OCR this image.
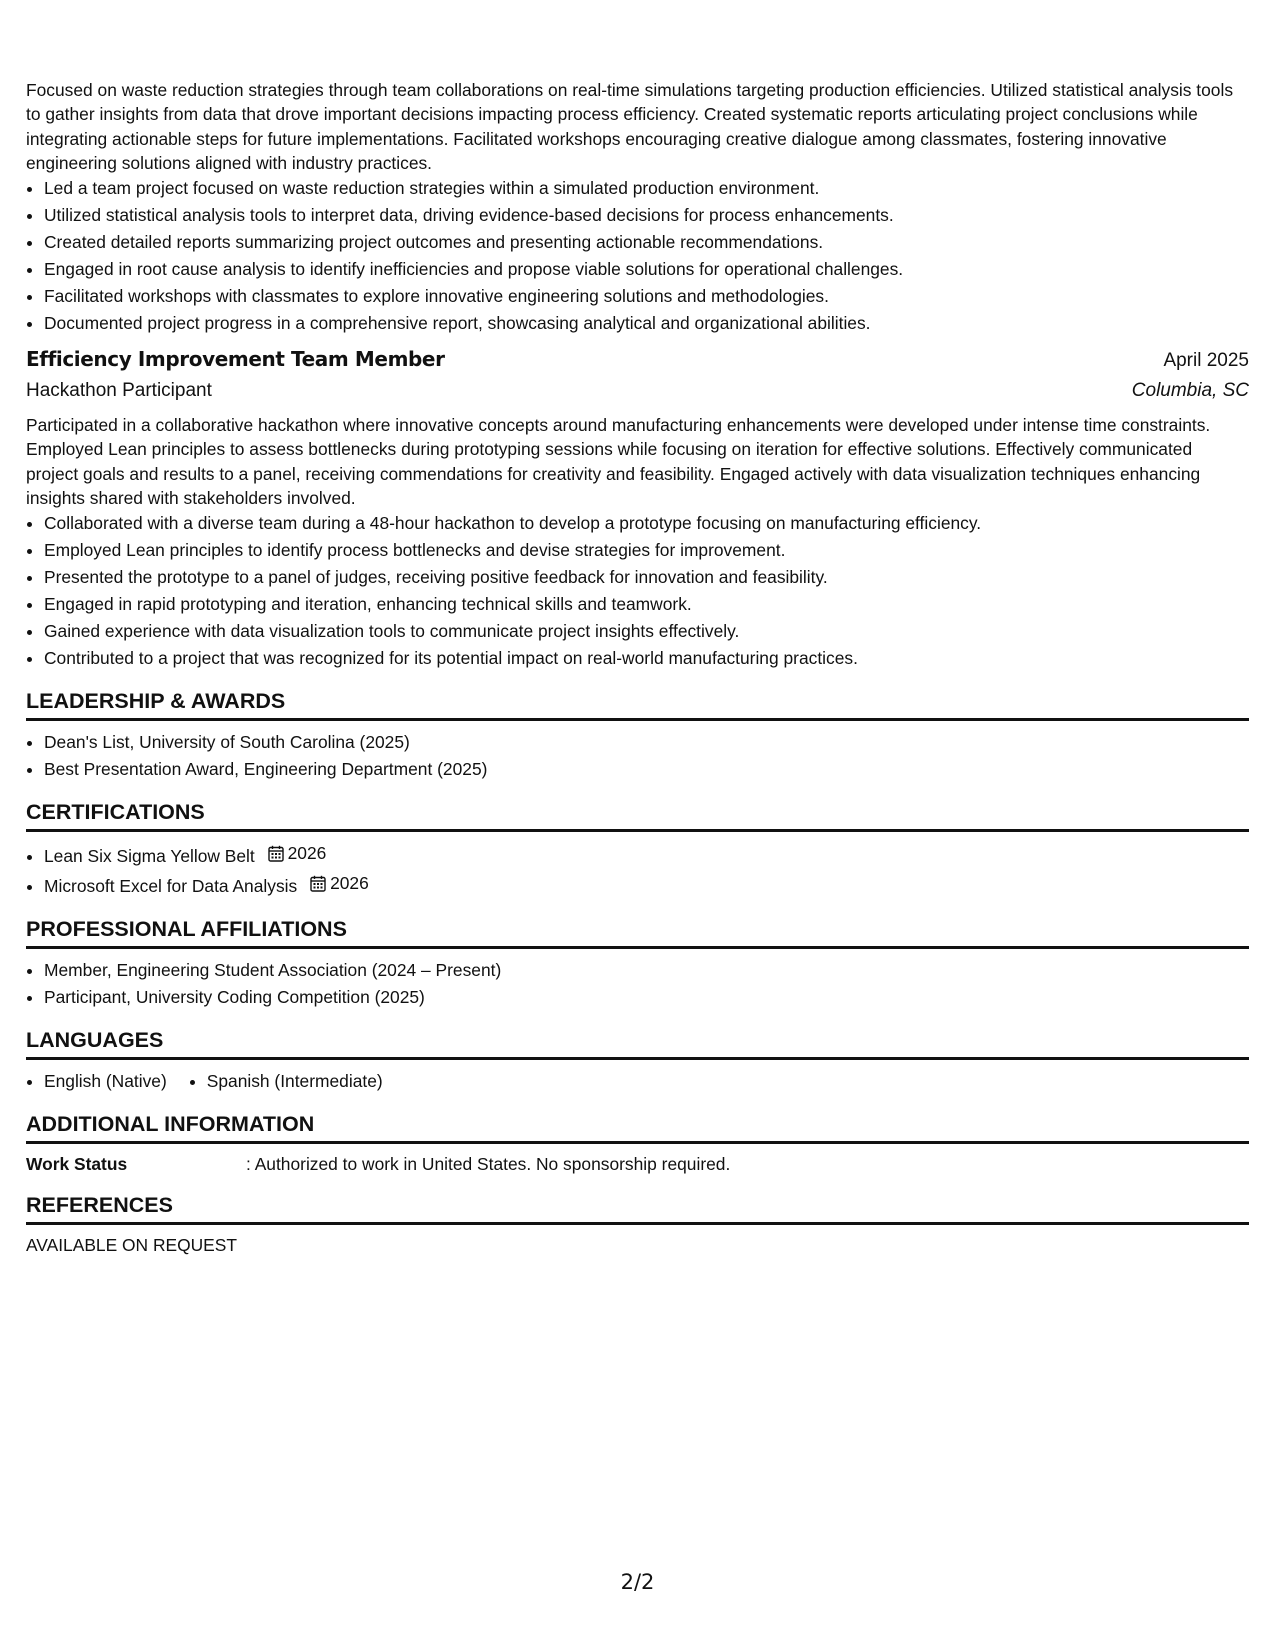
Focused on waste reduction strategies through team collaborations on real-time simulations targeting production efficiencies. Utilized statistical analysis tools to gather insights from data that drove important decisions impacting process efficiency. Created systematic reports articulating project conclusions while integrating actionable steps for future implementations. Facilitated workshops encouraging creative dialogue among classmates, fostering innovative engineering solutions aligned with industry practices.

• Led a team project focused on waste reduction strategies within a simulated production environment.
• Utilized statistical analysis tools to interpret data, driving evidence-based decisions for process enhancements.
• Created detailed reports summarizing project outcomes and presenting actionable recommendations.
• Engaged in root cause analysis to identify inefficiencies and propose viable solutions for operational challenges.
• Facilitated workshops with classmates to explore innovative engineering solutions and methodologies.
• Documented project progress in a comprehensive report, showcasing analytical and organizational abilities.
Efficiency Improvement Team Member	April 2025
Hackathon Participant	Columbia, SC

Participated in a collaborative hackathon where innovative concepts around manufacturing enhancements were developed under intense time constraints. Employed Lean principles to assess bottlenecks during prototyping sessions while focusing on iteration for effective solutions. Effectively communicated project goals and results to a panel, receiving commendations for creativity and feasibility. Engaged actively with data visualization techniques enhancing insights shared with stakeholders involved.

• Collaborated with a diverse team during a 48-hour hackathon to develop a prototype focusing on manufacturing efficiency.
• Employed Lean principles to identify process bottlenecks and devise strategies for improvement.
• Presented the prototype to a panel of judges, receiving positive feedback for innovation and feasibility.
• Engaged in rapid prototyping and iteration, enhancing technical skills and teamwork.
• Gained experience with data visualization tools to communicate project insights effectively.
• Contributed to a project that was recognized for its potential impact on real-world manufacturing practices.
LEADERSHIP & AWARDS
• Dean's List, University of South Carolina (2025)
• Best Presentation Award, Engineering Department (2025)
CERTIFICATIONS
• Lean Six Sigma Yellow Belt 2026
• Microsoft Excel for Data Analysis 2026
PROFESSIONAL AFFILIATIONS
• Member, Engineering Student Association (2024 – Present)
• Participant, University Coding Competition (2025)
LANGUAGES
• English (Native)
• Spanish (Intermediate)
ADDITIONAL INFORMATION
Work Status	: Authorized to work in United States. No sponsorship required.
REFERENCES
AVAILABLE ON REQUEST
2/2
